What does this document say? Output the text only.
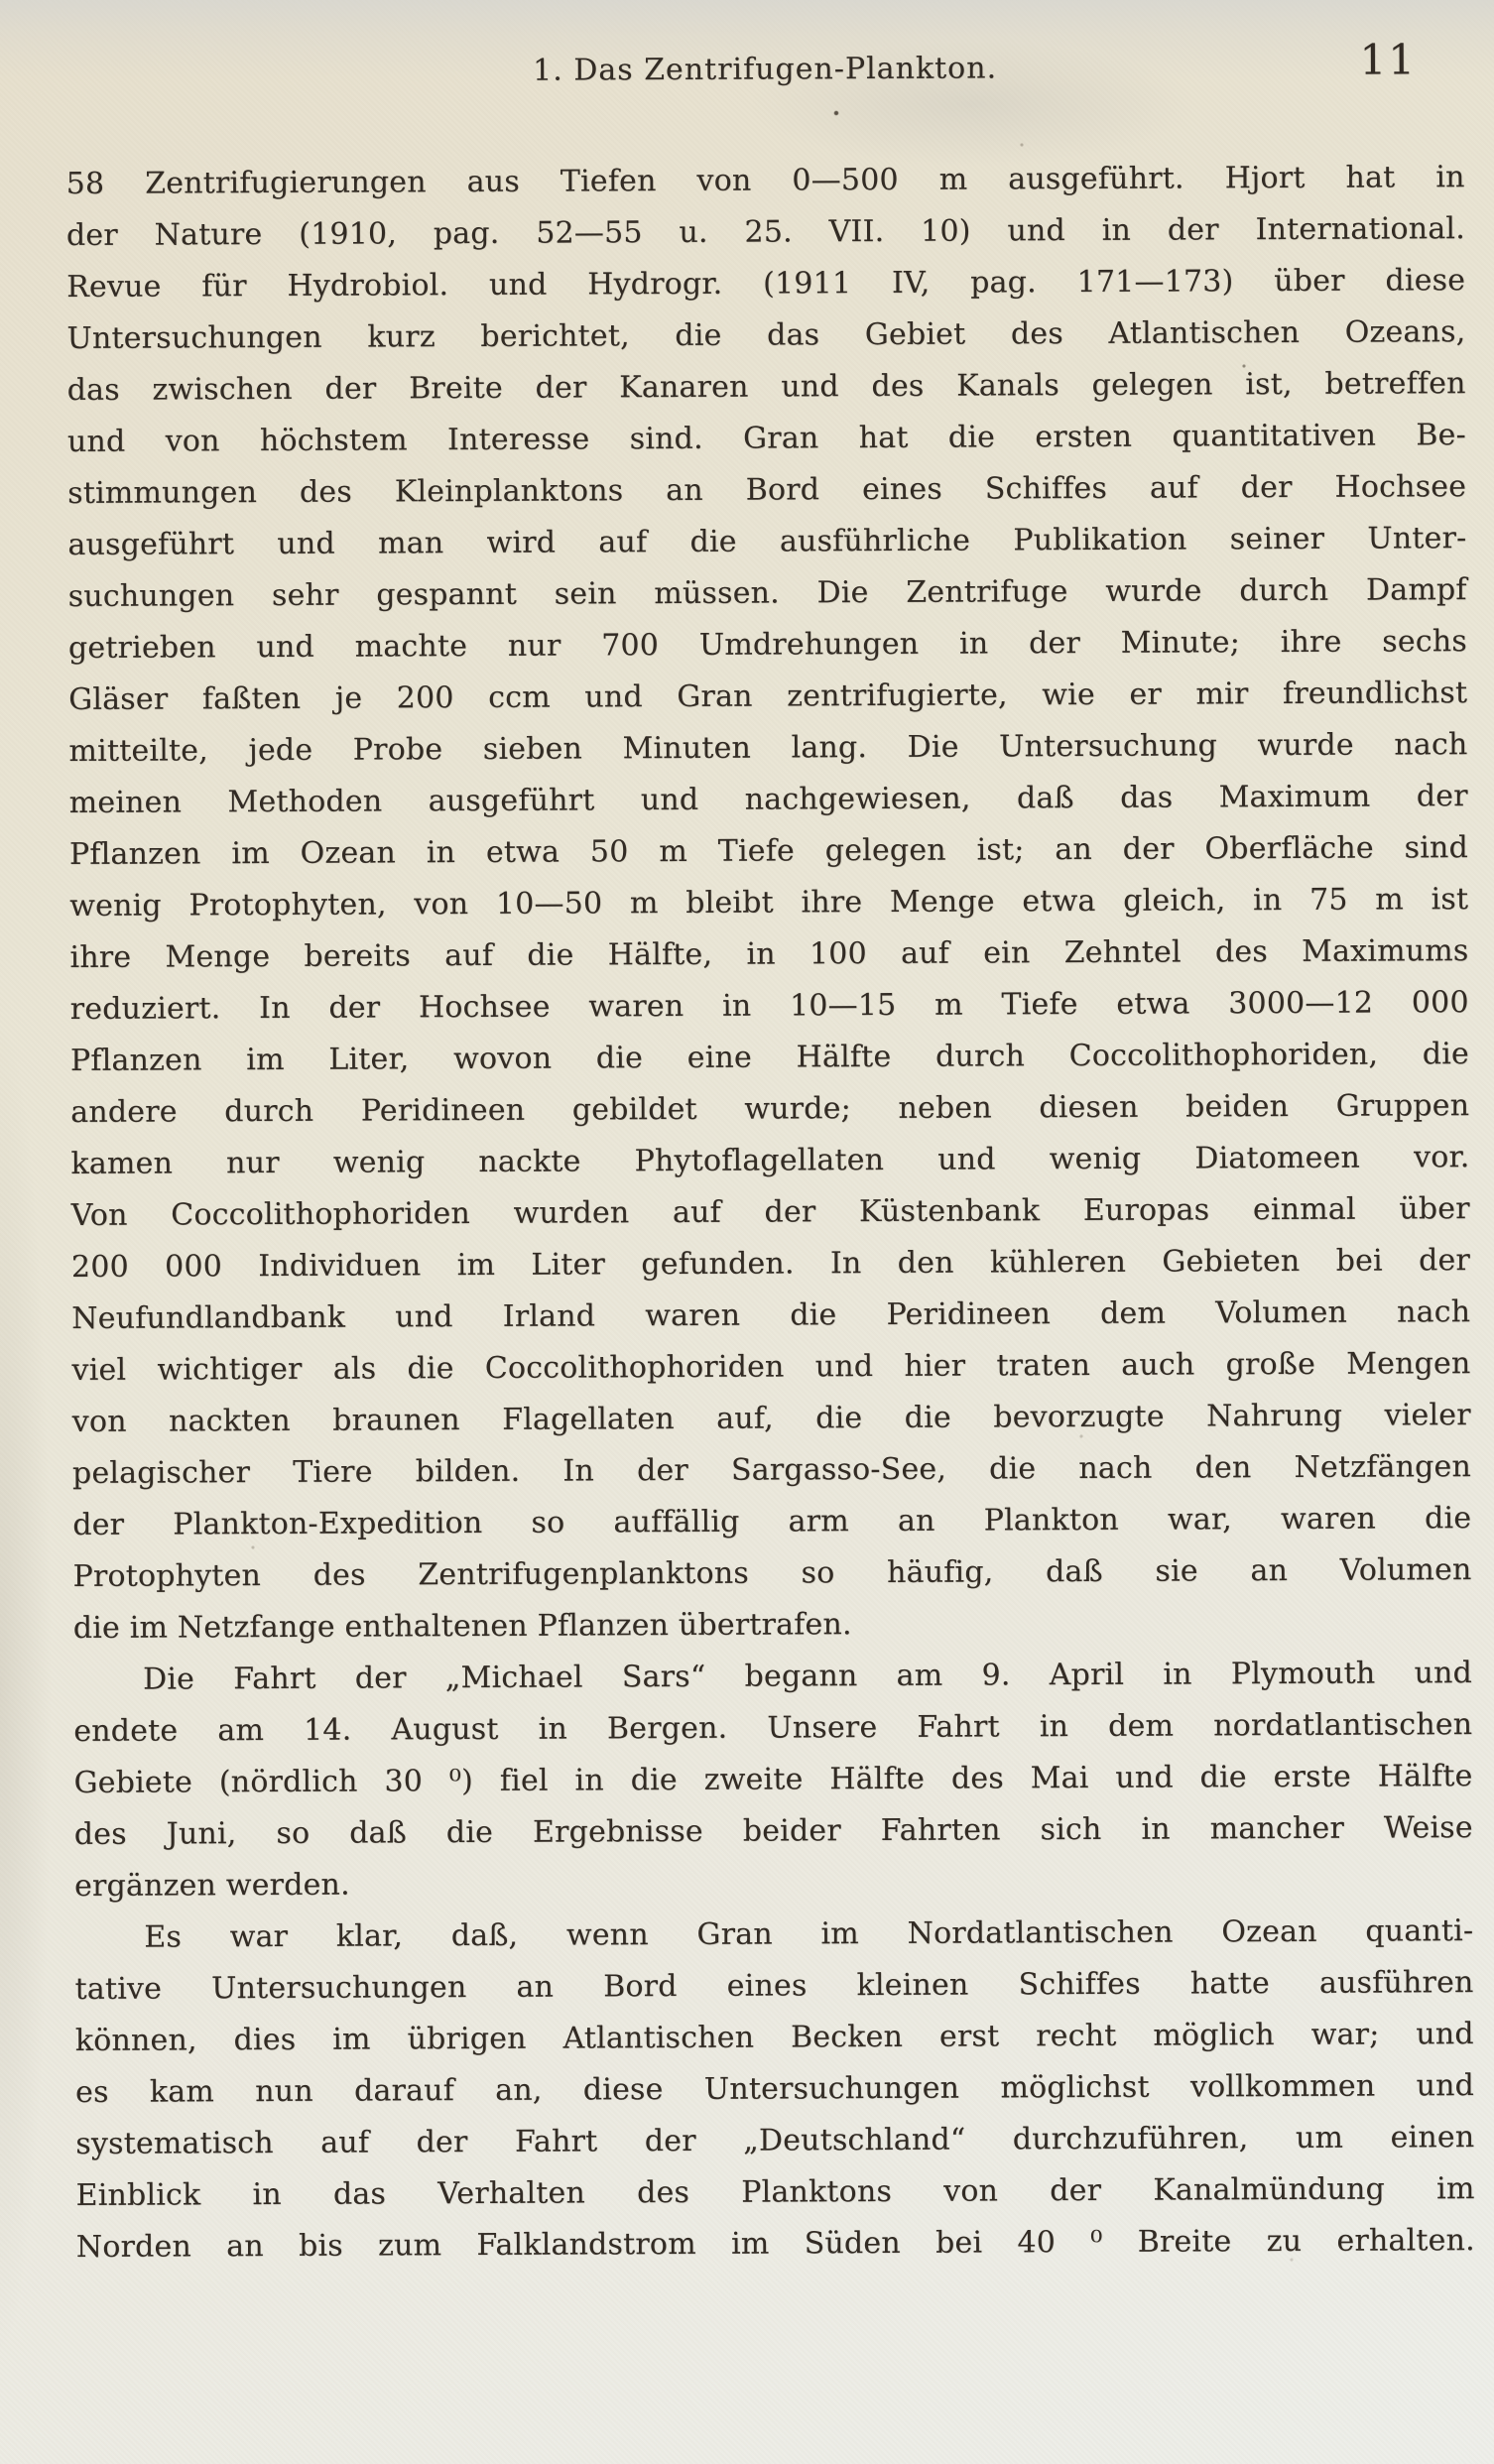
1. Das Zentrifugen-Plankton.	11
58 Zentrifugierungen aus Tiefen von 0—500 m ausgeführt. Hjort hat in
der Nature (1910, pag. 52—55 u. 25. VII. 10) und in der International.
Revue für Hydrobiol. und Hydrogr. (1911 IV, pag. 171—173) über diese
Untersuchungen kurz berichtet, die das Gebiet des Atlantischen Ozeans,
das zwischen der Breite der Kanaren und des Kanals gelegen ist, betreffen
und von höchstem Interesse sind. Gran hat die ersten quantitativen Be-
stimmungen des Kleinplanktons an Bord eines Schiffes auf der Hochsee
ausgeführt und man wird auf die ausführliche Publikation seiner Unter-
suchungen sehr gespannt sein müssen. Die Zentrifuge wurde durch Dampf
getrieben und machte nur 700 Umdrehungen in der Minute; ihre sechs
Gläser faßten je 200 ccm und Gran zentrifugierte, wie er mir freundlichst
mitteilte, jede Probe sieben Minuten lang. Die Untersuchung wurde nach
meinen Methoden ausgeführt und nachgewiesen, daß das Maximum der
Pflanzen im Ozean in etwa 50 m Tiefe gelegen ist; an der Oberfläche sind
wenig Protophyten, von 10—50 m bleibt ihre Menge etwa gleich, in 75 m ist
ihre Menge bereits auf die Hälfte, in 100 auf ein Zehntel des Maximums
reduziert. In der Hochsee waren in 10—15 m Tiefe etwa 3000—12 000
Pflanzen im Liter, wovon die eine Hälfte durch Coccolithophoriden, die
andere durch Peridineen gebildet wurde; neben diesen beiden Gruppen
kamen nur wenig nackte Phytoflagellaten und wenig Diatomeen vor.
Von Coccolithophoriden wurden auf der Küstenbank Europas einmal über
200 000 Individuen im Liter gefunden. In den kühleren Gebieten bei der
Neufundlandbank und Irland waren die Peridineen dem Volumen nach
viel wichtiger als die Coccolithophoriden und hier traten auch große Mengen
von nackten braunen Flagellaten auf, die die bevorzugte Nahrung vieler
pelagischer Tiere bilden. In der Sargasso-See, die nach den Netzfängen
der Plankton-Expedition so auffällig arm an Plankton war, waren die
Protophyten des Zentrifugenplanktons so häufig, daß sie an Volumen
die im Netzfange enthaltenen Pflanzen übertrafen.
Die Fahrt der „Michael Sars“ begann am 9. April in Plymouth und
endete am 14. August in Bergen. Unsere Fahrt in dem nordatlantischen
Gebiete (nördlich 30 ⁰) fiel in die zweite Hälfte des Mai und die erste Hälfte
des Juni, so daß die Ergebnisse beider Fahrten sich in mancher Weise
ergänzen werden.
Es war klar, daß, wenn Gran im Nordatlantischen Ozean quanti-
tative Untersuchungen an Bord eines kleinen Schiffes hatte ausführen
können, dies im übrigen Atlantischen Becken erst recht möglich war; und
es kam nun darauf an, diese Untersuchungen möglichst vollkommen und
systematisch auf der Fahrt der „Deutschland“ durchzuführen, um einen
Einblick in das Verhalten des Planktons von der Kanalmündung im
Norden an bis zum Falklandstrom im Süden bei 40 ⁰ Breite zu erhalten.
